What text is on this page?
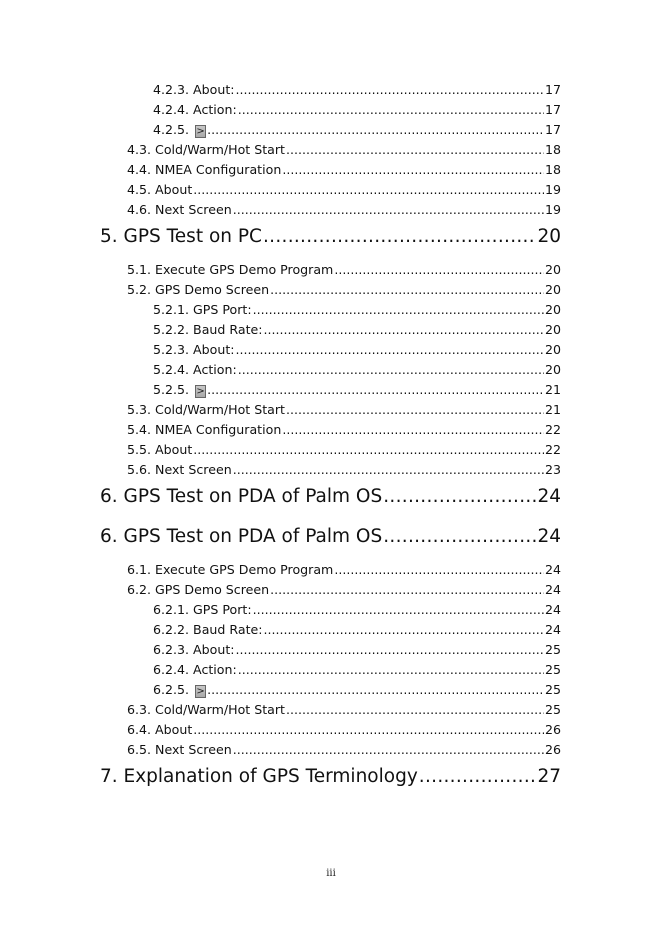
4.2.3. About: .....	17
4.2.4. Action: .....	17
4.2.5. > .....	17
4.3. Cold/Warm/Hot Start .....	18
4.4. NMEA Configuration .....	18
4.5. About .....	19
4.6. Next Screen .....	19
5. GPS Test on PC .....	20
5.1. Execute GPS Demo Program .....	20
5.2. GPS Demo Screen .....	20
5.2.1. GPS Port: .....	20
5.2.2. Baud Rate: .....	20
5.2.3. About: .....	20
5.2.4. Action: .....	20
5.2.5. > .....	21
5.3. Cold/Warm/Hot Start .....	21
5.4. NMEA Configuration .....	22
5.5. About .....	22
5.6. Next Screen .....	23
6. GPS Test on PDA of Palm OS .....	24
6. GPS Test on PDA of Palm OS .....	24
6.1. Execute GPS Demo Program .....	24
6.2. GPS Demo Screen .....	24
6.2.1. GPS Port: .....	24
6.2.2. Baud Rate: .....	24
6.2.3. About: .....	25
6.2.4. Action: .....	25
6.2.5. > .....	25
6.3. Cold/Warm/Hot Start .....	25
6.4. About .....	26
6.5. Next Screen .....	26
7. Explanation of GPS Terminology .....	27
iii
